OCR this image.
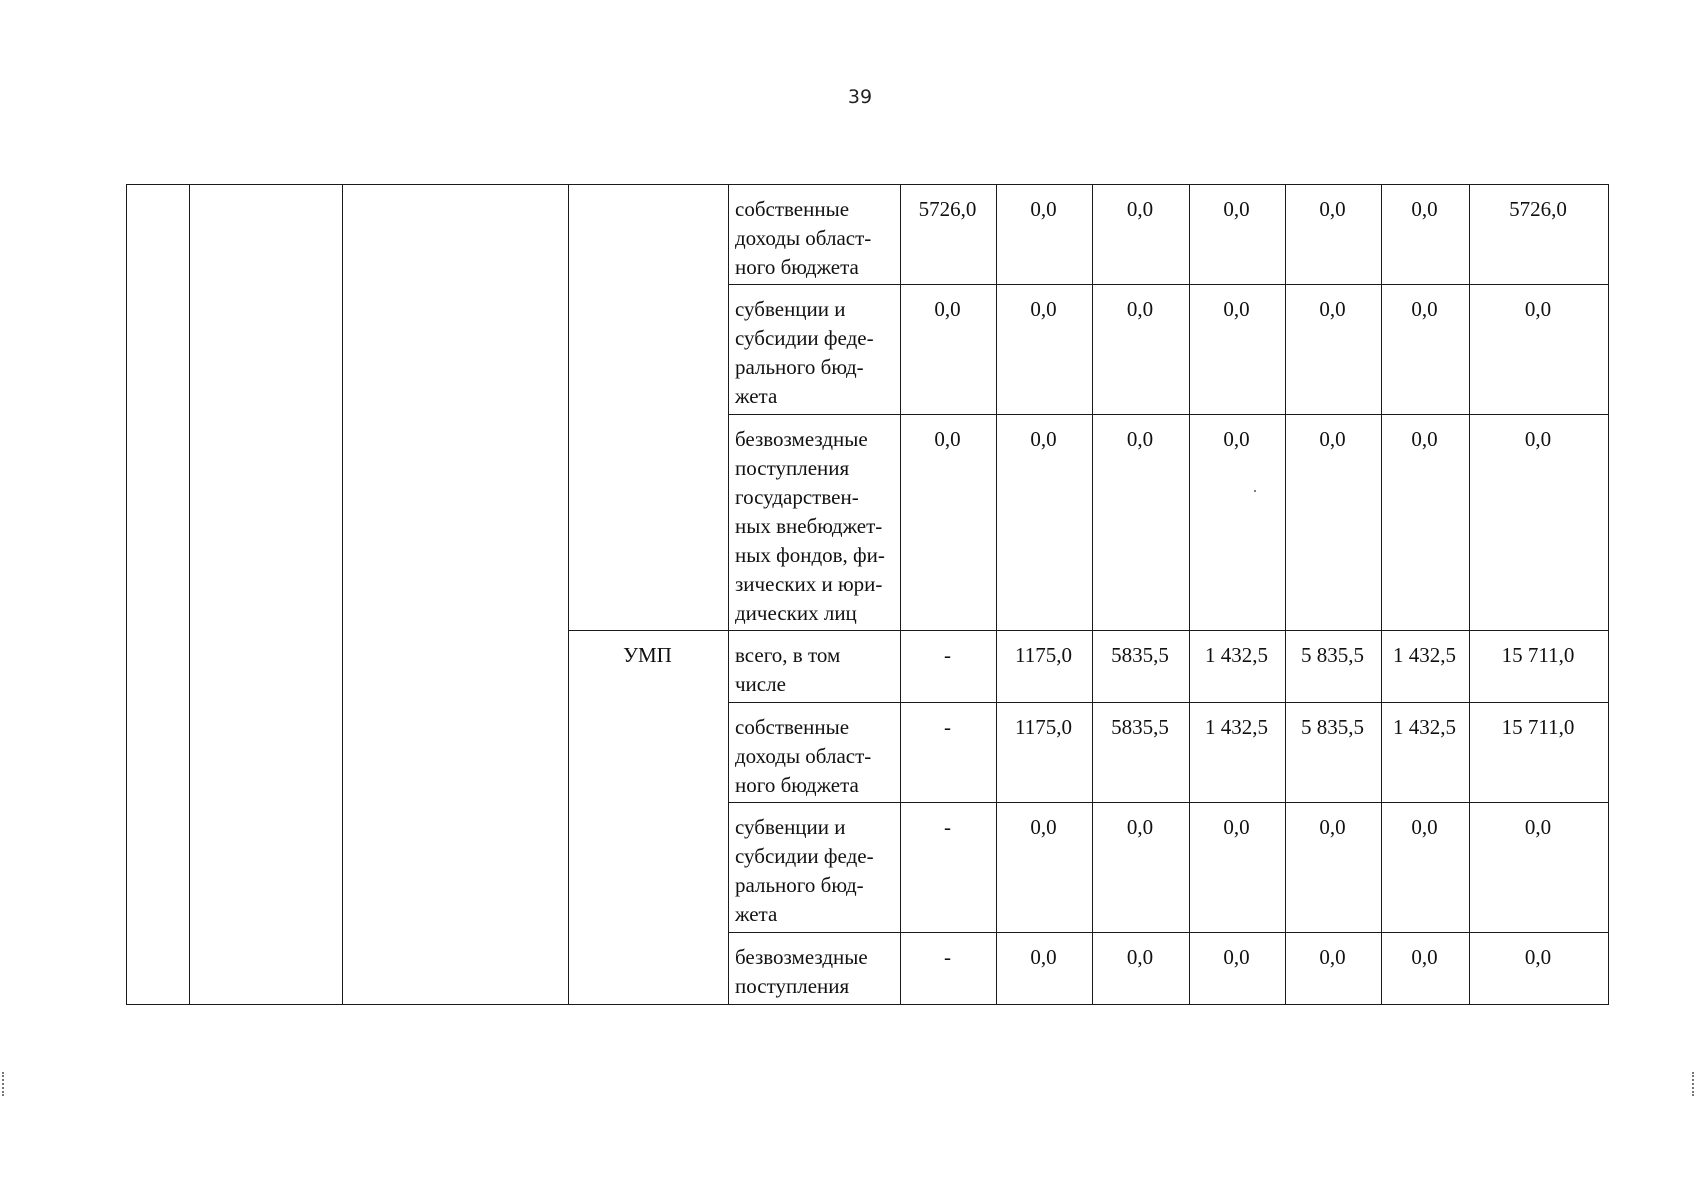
39
				собственные доходы област-ного бюджета	5726,0	0,0	0,0	0,0	0,0	0,0	5726,0
				субвенции и субсидии феде-рального бюд-жета	0,0	0,0	0,0	0,0	0,0	0,0	0,0
				безвозмездные поступления государствен-ных внебюджет-ных фондов, фи-зических и юри-дических лиц	0,0	0,0	0,0	0,0	0,0	0,0	0,0
			УМП	всего, в том числе	-	1175,0	5835,5	1 432,5	5 835,5	1 432,5	15 711,0
				собственные доходы област-ного бюджета	-	1175,0	5835,5	1 432,5	5 835,5	1 432,5	15 711,0
				субвенции и субсидии феде-рального бюд-жета	-	0,0	0,0	0,0	0,0	0,0	0,0
				безвозмездные поступления	-	0,0	0,0	0,0	0,0	0,0	0,0
